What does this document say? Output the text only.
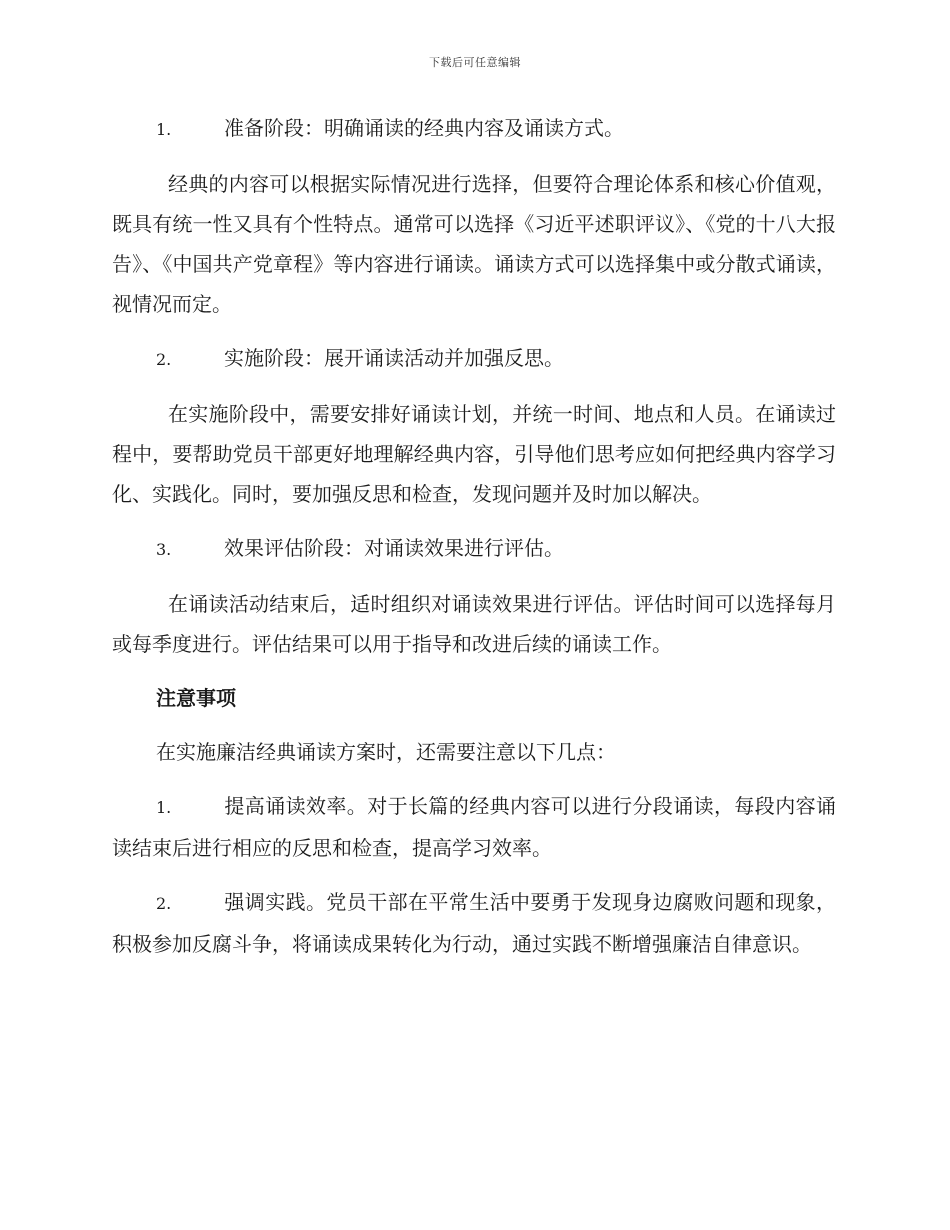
下载后可任意编辑
1.	准备阶段：明确诵读的经典内容及诵读方式。

经典的内容可以根据实际情况进行选择，但要符合理论体系和核心价值观，既具有统一性又具有个性特点。通常可以选择《习近平述职评议》、《党的十八大报告》、《中国共产党章程》等内容进行诵读。诵读方式可以选择集中或分散式诵读，视情况而定。

2.	实施阶段：展开诵读活动并加强反思。

在实施阶段中，需要安排好诵读计划，并统一时间、地点和人员。在诵读过程中，要帮助党员干部更好地理解经典内容，引导他们思考应如何把经典内容学习化、实践化。同时，要加强反思和检查，发现问题并及时加以解决。

3.	效果评估阶段：对诵读效果进行评估。

在诵读活动结束后，适时组织对诵读效果进行评估。评估时间可以选择每月或每季度进行。评估结果可以用于指导和改进后续的诵读工作。

注意事项

在实施廉洁经典诵读方案时，还需要注意以下几点：

1.	提高诵读效率。对于长篇的经典内容可以进行分段诵读，每段内容诵读结束后进行相应的反思和检查，提高学习效率。
2.	强调实践。党员干部在平常生活中要勇于发现身边腐败问题和现象，积极参加反腐斗争，将诵读成果转化为行动，通过实践不断增强廉洁自律意识。
